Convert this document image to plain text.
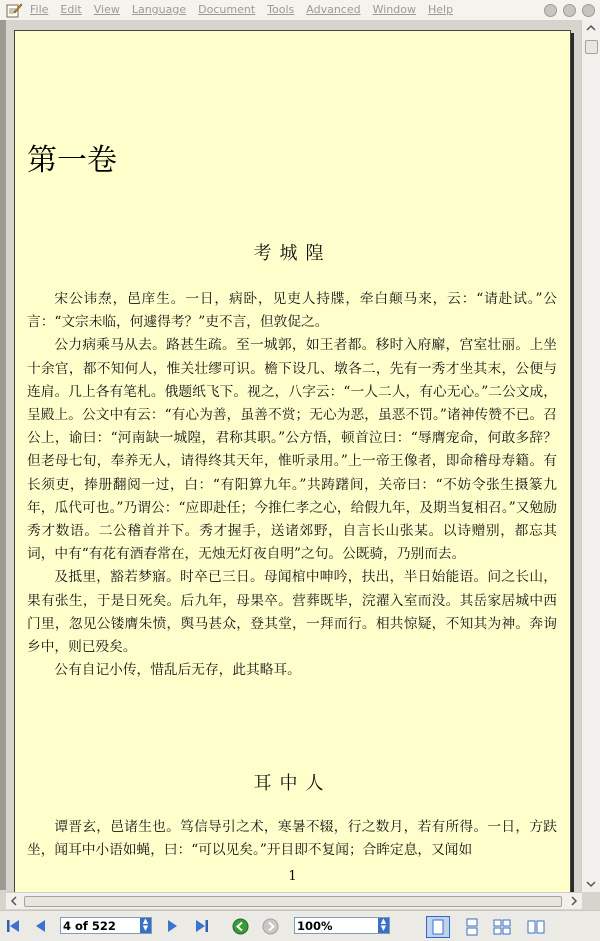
File Edit View Language Document Tools Advanced Window Help
第一卷
考城隍

宋公讳焘，邑庠生。一日，病卧，见吏人持牒，牵白颠马来，云：“请赴试。”公言：“文宗未临，何遽得考？”吏不言，但敦促之。

公力病乘马从去。路甚生疏。至一城郭，如王者都。移时入府廨，宫室壮丽。上坐十余官，都不知何人，惟关壮缪可识。檐下设几、墩各二，先有一秀才坐其末，公便与连肩。几上各有笔札。俄题纸飞下。视之，八字云：“一人二人，有心无心。”二公文成，呈殿上。公文中有云：“有心为善，虽善不赏；无心为恶，虽恶不罚。”诸神传赞不已。召公上，谕曰：“河南缺一城隍，君称其职。”公方悟，顿首泣曰：“辱膺宠命，何敢多辞？但老母七旬，奉养无人，请得终其天年，惟听录用。”上一帝王像者，即命稽母寿籍。有长须吏，捧册翻阅一过，白：“有阳算九年。”共踌躇间，关帝曰：“不妨令张生摄篆九年，瓜代可也。”乃谓公：“应即赴任；今推仁孝之心，给假九年，及期当复相召。”又勉励秀才数语。二公稽首并下。秀才握手，送诸郊野，自言长山张某。以诗赠别，都忘其词，中有“有花有酒春常在，无烛无灯夜自明”之句。公既骑，乃别而去。

及抵里，豁若梦寤。时卒已三日。母闻棺中呻吟，扶出，半日始能语。问之长山，果有张生，于是日死矣。后九年，母果卒。营葬既毕，浣濯入室而没。其岳家居城中西门里，忽见公镂膺朱愤，舆马甚众，登其堂，一拜而行。相共惊疑，不知其为神。奔询乡中，则已殁矣。

公有自记小传，惜乱后无存，此其略耳。

耳中人

谭晋玄，邑诸生也。笃信导引之术，寒暑不辍，行之数月，若有所得。一日，方趺坐，闻耳中小语如蝇，曰：“可以见矣。”开目即不复闻；合眸定息，又闻如

1
4 of 522	▲
▼	100%	▲
▼
